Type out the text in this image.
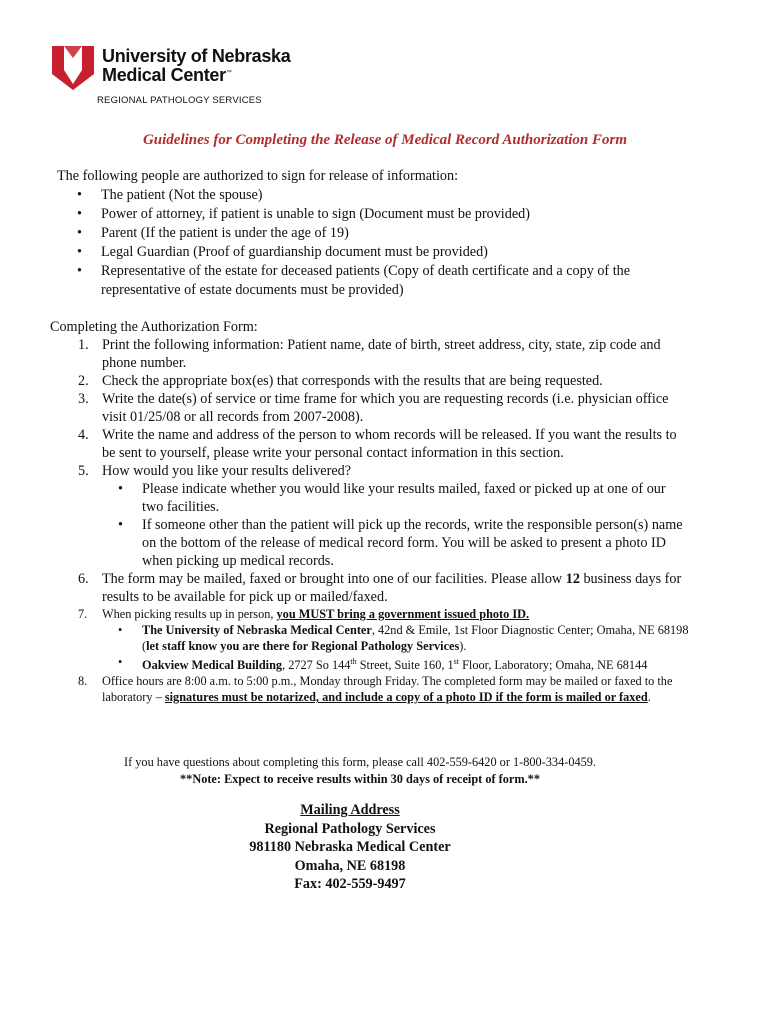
University of Nebraska
Medical Center™
REGIONAL PATHOLOGY SERVICES
Guidelines for Completing the Release of Medical Record Authorization Form
The following people are authorized to sign for release of information:
• The patient (Not the spouse)
• Power of attorney, if patient is unable to sign (Document must be provided)
• Parent (If the patient is under the age of 19)
• Legal Guardian (Proof of guardianship document must be provided)
• Representative of the estate for deceased patients (Copy of death certificate and a copy of the representative of estate documents must be provided)
Completing the Authorization Form:
1. Print the following information: Patient name, date of birth, street address, city, state, zip code and phone number.
2. Check the appropriate box(es) that corresponds with the results that are being requested.
3. Write the date(s) of service or time frame for which you are requesting records (i.e. physician office visit 01/25/08 or all records from 2007-2008).
4. Write the name and address of the person to whom records will be released. If you want the results to be sent to yourself, please write your personal contact information in this section.
5. How would you like your results delivered?
• Please indicate whether you would like your results mailed, faxed or picked up at one of our two facilities.
• If someone other than the patient will pick up the records, write the responsible person(s) name on the bottom of the release of medical record form. You will be asked to present a photo ID when picking up medical records.
6. The form may be mailed, faxed or brought into one of our facilities. Please allow 12 business days for results to be available for pick up or mailed/faxed.
7. When picking results up in person, you MUST bring a government issued photo ID.
• The University of Nebraska Medical Center, 42nd & Emile, 1st Floor Diagnostic Center; Omaha, NE 68198 (let staff know you are there for Regional Pathology Services).
• Oakview Medical Building, 2727 So 144th Street, Suite 160, 1st Floor, Laboratory; Omaha, NE 68144
8. Office hours are 8:00 a.m. to 5:00 p.m., Monday through Friday. The completed form may be mailed or faxed to the laboratory – signatures must be notarized, and include a copy of a photo ID if the form is mailed or faxed.
If you have questions about completing this form, please call 402-559-6420 or 1-800-334-0459.
**Note: Expect to receive results within 30 days of receipt of form.**
Mailing Address
Regional Pathology Services
981180 Nebraska Medical Center
Omaha, NE 68198
Fax: 402-559-9497
